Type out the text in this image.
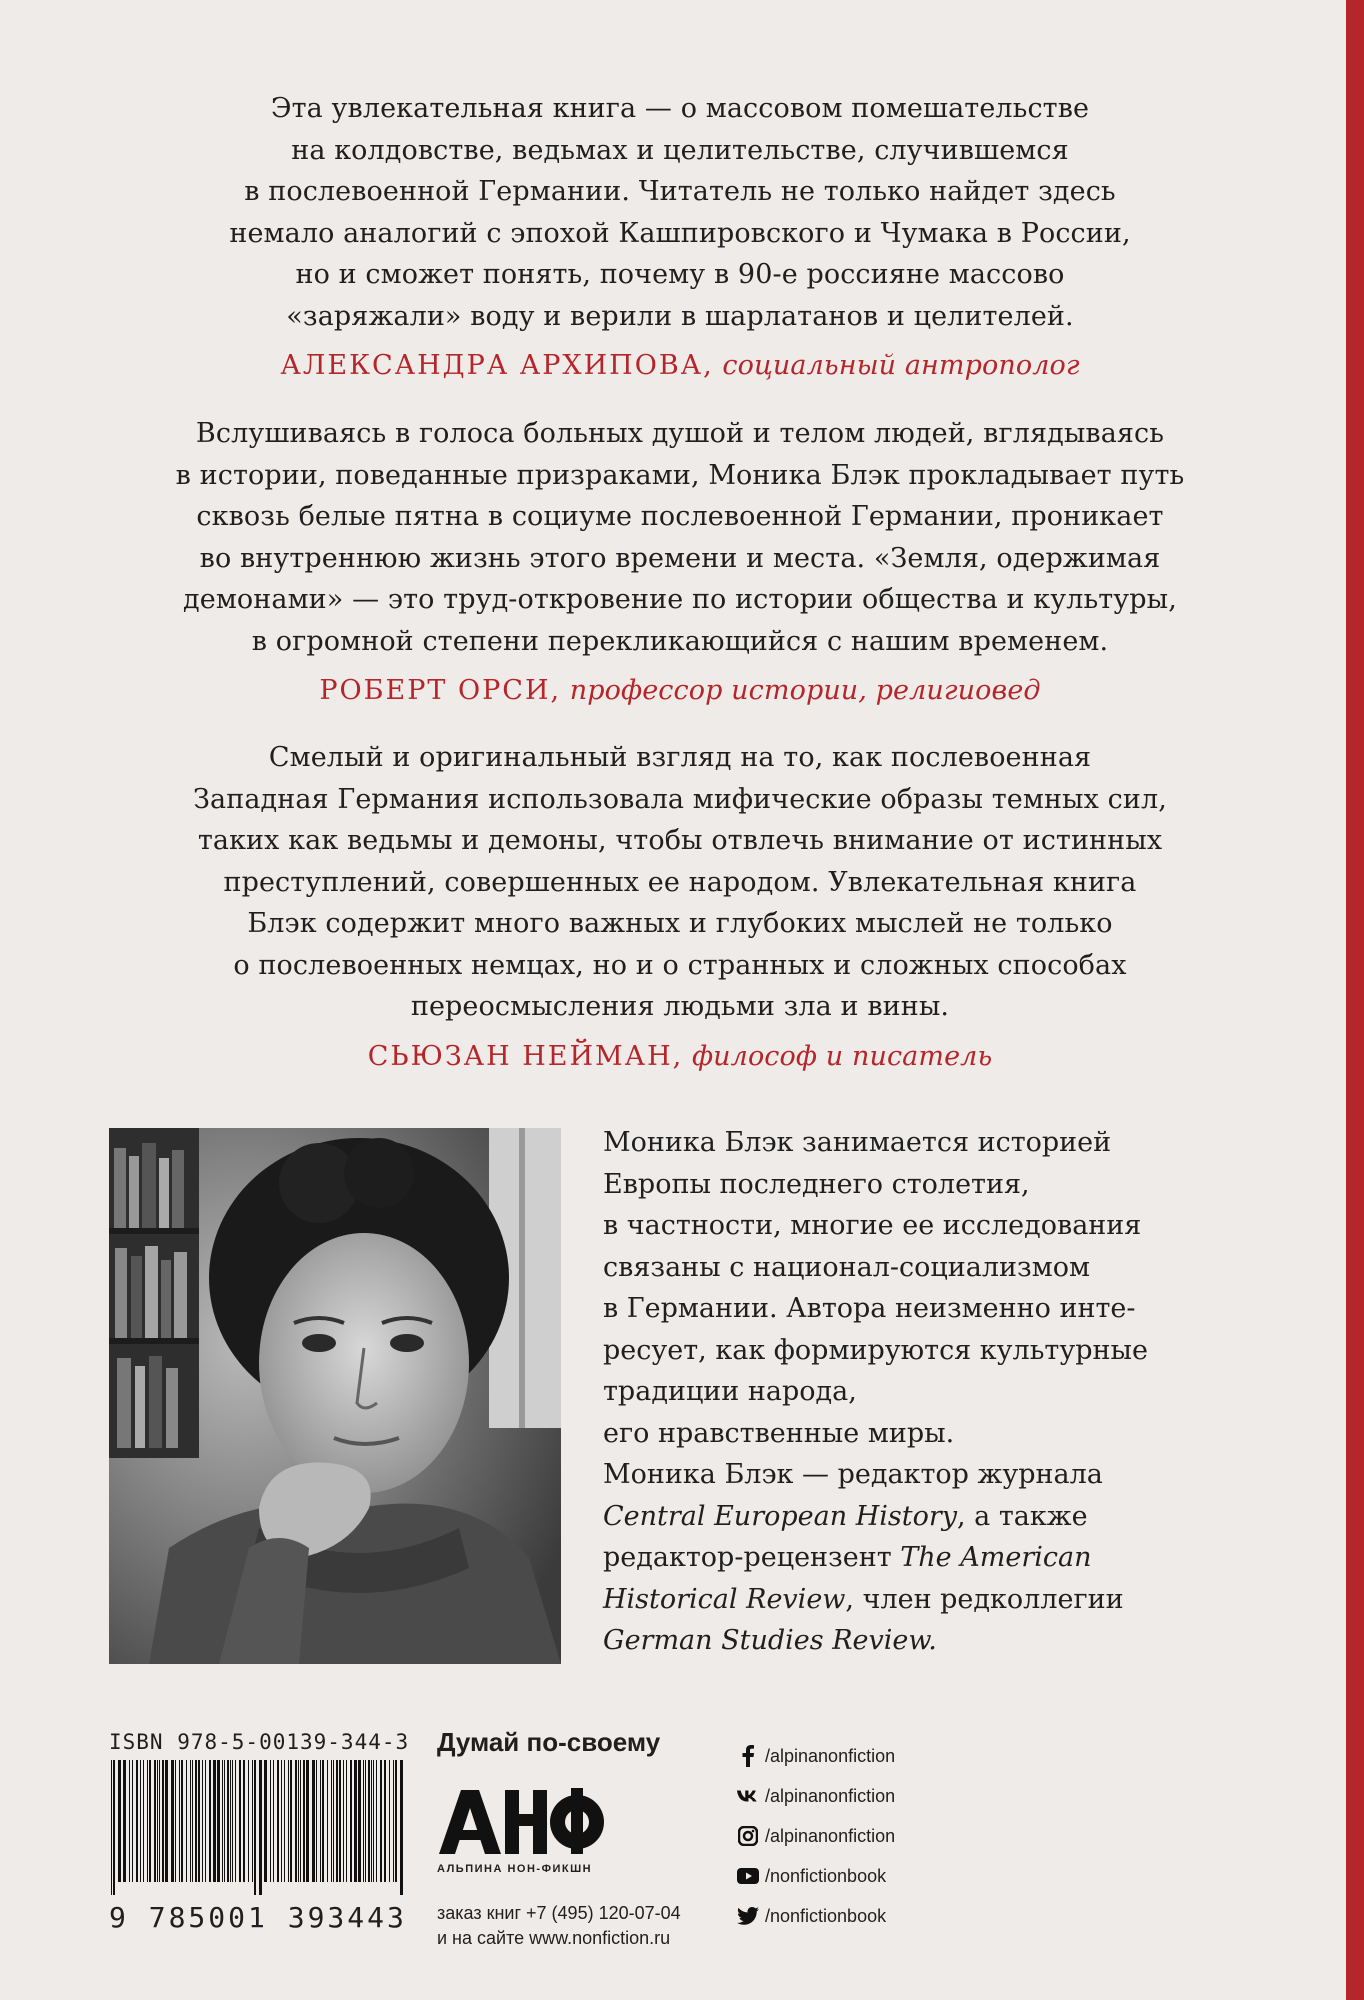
Эта увлекательная книга — о массовом помешательстве
на колдовстве, ведьмах и целительстве, случившемся
в послевоенной Германии. Читатель не только найдет здесь
немало аналогий с эпохой Кашпировского и Чумака в России,
но и сможет понять, почему в 90-е россияне массово
«заряжали» воду и верили в шарлатанов и целителей.
АЛЕКСАНДРА АРХИПОВА, социальный антрополог
Вслушиваясь в голоса больных душой и телом людей, вглядываясь
в истории, поведанные призраками, Моника Блэк прокладывает путь
сквозь белые пятна в социуме послевоенной Германии, проникает
во внутреннюю жизнь этого времени и места. «Земля, одержимая
демонами» — это труд-откровение по истории общества и культуры,
в огромной степени перекликающийся с нашим временем.
РОБЕРТ ОРСИ, профессор истории, религиовед
Смелый и оригинальный взгляд на то, как послевоенная
Западная Германия использовала мифические образы темных сил,
таких как ведьмы и демоны, чтобы отвлечь внимание от истинных
преступлений, совершенных ее народом. Увлекательная книга
Блэк содержит много важных и глубоких мыслей не только
о послевоенных немцах, но и о странных и сложных способах
переосмысления людьми зла и вины.
СЬЮЗАН НЕЙМАН, философ и писатель
Моника Блэк занимается историей
Европы последнего столетия,
в частности, многие ее исследования
связаны с национал-социализмом
в Германии. Автора неизменно инте-
ресует, как формируются культурные
традиции народа,
его нравственные миры.
Моника Блэк — редактор журнала
Central European History, а также
редактор-рецензент The American
Historical Review, член редколлегии
German Studies Review.
ISBN 978-5-00139-344-3
9 785001 393443
Думай по-своему
АЛЬПИНА НОН-ФИКШН
заказ книг +7 (495) 120-07-04
и на сайте www.nonfiction.ru
/alpinanonfiction
/alpinanonfiction
/alpinanonfiction
/nonfictionbook
/nonfictionbook
